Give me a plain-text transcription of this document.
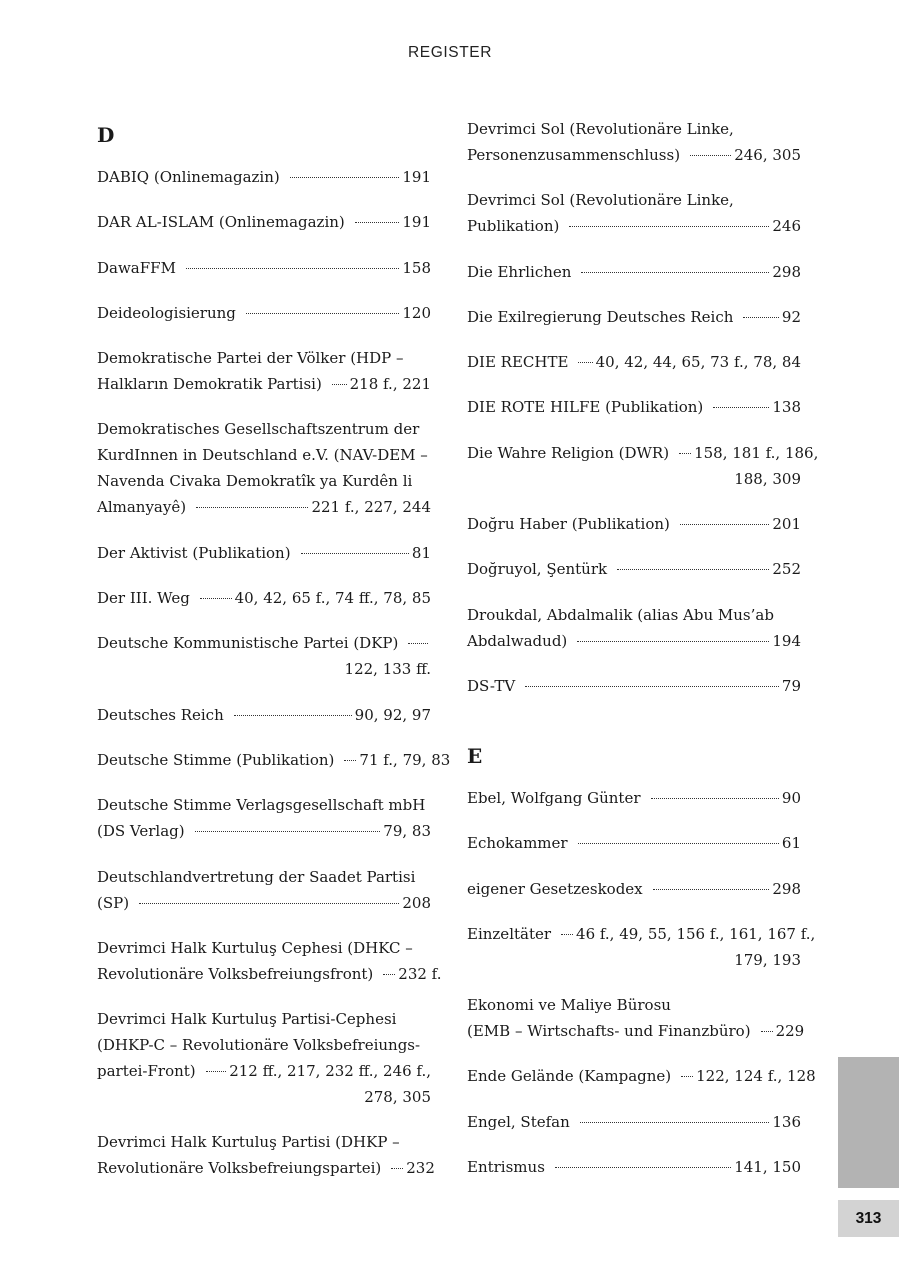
REGISTER
D
DABIQ (Onlinemagazin)	191
DAR AL-ISLAM (Onlinemagazin)	191
DawaFFM	158
Deideologisierung	120
Demokratische Partei der Völker (HDP –
Halkların Demokratik Partisi) 218 f., 221
Demokratisches Gesellschaftszentrum der
KurdInnen in Deutschland e.V. (NAV-DEM –
Navenda Civaka Demokratîk ya Kurdên li
Almanyayê)	221 f., 227, 244
Der Aktivist (Publikation)	81
Der III. Weg	40, 42, 65 f., 74 ff., 78, 85
Deutsche Kommunistische Partei (DKP)
122, 133 ff.
Deutsches Reich	90, 92, 97
Deutsche Stimme (Publikation) 71 f., 79, 83
Deutsche Stimme Verlagsgesellschaft mbH
(DS Verlag)	79, 83
Deutschlandvertretung der Saadet Partisi
(SP)	208
Devrimci Halk Kurtuluş Cephesi (DHKC –
Revolutionäre Volksbefreiungsfront) 232 f.
Devrimci Halk Kurtuluş Partisi-Cephesi
(DHKP-C – Revolutionäre Volksbefreiungs-
partei-Front) 212 ff., 217, 232 ff., 246 f.,
278, 305
Devrimci Halk Kurtuluş Partisi (DHKP –
Revolutionäre Volksbefreiungspartei) 232
Devrimci Sol (Revolutionäre Linke,
Personenzusammenschluss)	246, 305
Devrimci Sol (Revolutionäre Linke,
Publikation)	246
Die Ehrlichen	298
Die Exilregierung Deutsches Reich	92
DIE RECHTE 40, 42, 44, 65, 73 f., 78, 84
DIE ROTE HILFE (Publikation)	138
Die Wahre Religion (DWR) 158, 181 f., 186,
188, 309
Doğru Haber (Publikation)	201
Doğruyol, Şentürk	252
Droukdal, Abdalmalik (alias Abu Mus’ab
Abdalwadud)	194
DS-TV	79
E
Ebel, Wolfgang Günter	90
Echokammer	61
eigener Gesetzeskodex	298
Einzeltäter 46 f., 49, 55, 156 f., 161, 167 f.,
179, 193
Ekonomi ve Maliye Bürosu
(EMB – Wirtschafts- und Finanzbüro) 229
Ende Gelände (Kampagne) 122, 124 f., 128
Engel, Stefan	136
Entrismus	141, 150
313
